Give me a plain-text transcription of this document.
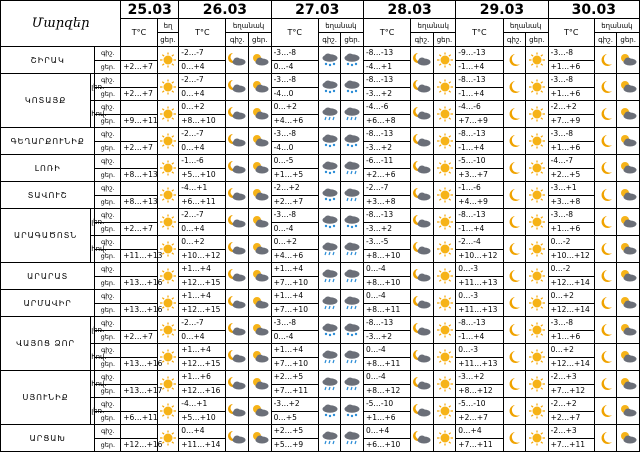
Մարզեր			25.03		26.03			27.03			28.03			29.03			30.03		
			T°C	եղ	T°C	եղանակ		T°C	եղանակ		T°C	եղանակ		T°C	եղանակ		T°C	եղանակ	
				ցեր.		գիշ.	ցեր.		գիշ.	ցեր.		գիշ.	ցեր.		գիշ.	ցեր.		գիշ.	ցեր.
ՇԻՐԱԿ		գիշ.			-2…-7			-3…-8			-8…-13			-9…-13			-3…-8	

		ցեր.	+2…+7		0…+4			0…-4			-4…+1			-1…+4			+1…+6		
ԿՈՏԱՅՔ	լեռ.	գիշ.			-2…-7			-3…-8			-8…-13			-8…-13			-3…-8	

		ցեր.	+2…+7		0…+4			-4…0			-3…+2			-1…+4			+1…+6		
	հով.	գիշ.			0…+2			0…+2			-4…-6			-4…-6			-2…+2	

		ցեր.	+9…+11		+8…+10			+4…+6			+6…+8			+7…+9			+7…+9		
ԳԵՂԱՐՔՈՒՆԻՔ		գիշ.			-2…-7			-3…-8			-8…-13			-8…-13			-3…-8	

		ցեր.	+2…+7		0…+4			-4…0			-3…+2			-1…+4			+1…+6		
ԼՈՌԻ		գիշ.			-1…-6			0…-5			-6…-11			-5…-10			-4…-7	

		ցեր.	+8…+13		+5…+10			+1…+5			+2…+6			+3…+7			+2…+5		
ՏԱՎՈՒՇ		գիշ.			-4…+1			-2…+2			-2…-7			-1…-6			-3…+1	

		ցեր.	+8…+13		+6…+11			+2…+7			+3…+8			+4…+9			+3…+8		
ԱՐԱԳԱԾՈՏՆ	լեռ.	գիշ.			-2…-7			-3…-8			-8…-13			-8…-13			-3…-8	

		ցեր.	+2…+7		0…+4			0…-4			-3…+2			-1…+4			+1…+6		
	հով.	գիշ.			0…+2			0…+2			-3…-5			-2…-4			0…-2	

		ցեր.	+11…+13		+10…+12			+4…+6			+8…+10			+10…+12			+10…+12		
ԱՐԱՐԱՏ		գիշ.			+1…+4			+1…+4			0…-4			0…-3			0…-2	

		ցեր.	+13…+16		+12…+15			+7…+10			+8…+10			+11…+13			+12…+14		
ԱՐՄԱՎԻՐ		գիշ.			+1…+4			+1…+4			0…-4			0…-3			0…+2	

		ցեր.	+13…+16		+12…+15			+7…+10			+8…+11			+11…+13			+12…+14		
ՎԱՅՈՑ ՁՈՐ	լեռ.	գիշ.			-2…-7			-3…-8			-8…-13			-8…-13			-3…-8	

		ցեր.	+2…+7		0…+4			0…-4			-3…+2			-1…+4			+1…+6		
	հով.	գիշ.			+1…+4			+1…+4			0…-4			0…-3			0…+2	

		ցեր.	+13…+16		+12…+15			+7…+10			+8…+11			+11…+13			+12…+14		
ՍՅՈՒՆԻՔ	հով.	գիշ.			+1…+6			+2…+5			0…-4			-3…+2			-2…+3	

		ցեր.	+13…+17		+12…+16			+7…+11			+8…+12			+8…+12			+7…+12		
	լեռ.	գիշ.			-4…+1			-3…+2			-5…-10			-5…-10			-2…+2	

		ցեր.	+6…+11		+5…+10			0…+5			+1…+6			+2…+7			+2…+7		
ԱՐՑԱԽ		գիշ.			0…+4			+2…+5			0…+4			0…+4			-2…+3	

		ցեր.	+12…+16		+11…+14			+5…+9			+6…+10			+7…+11			+7…+11		
